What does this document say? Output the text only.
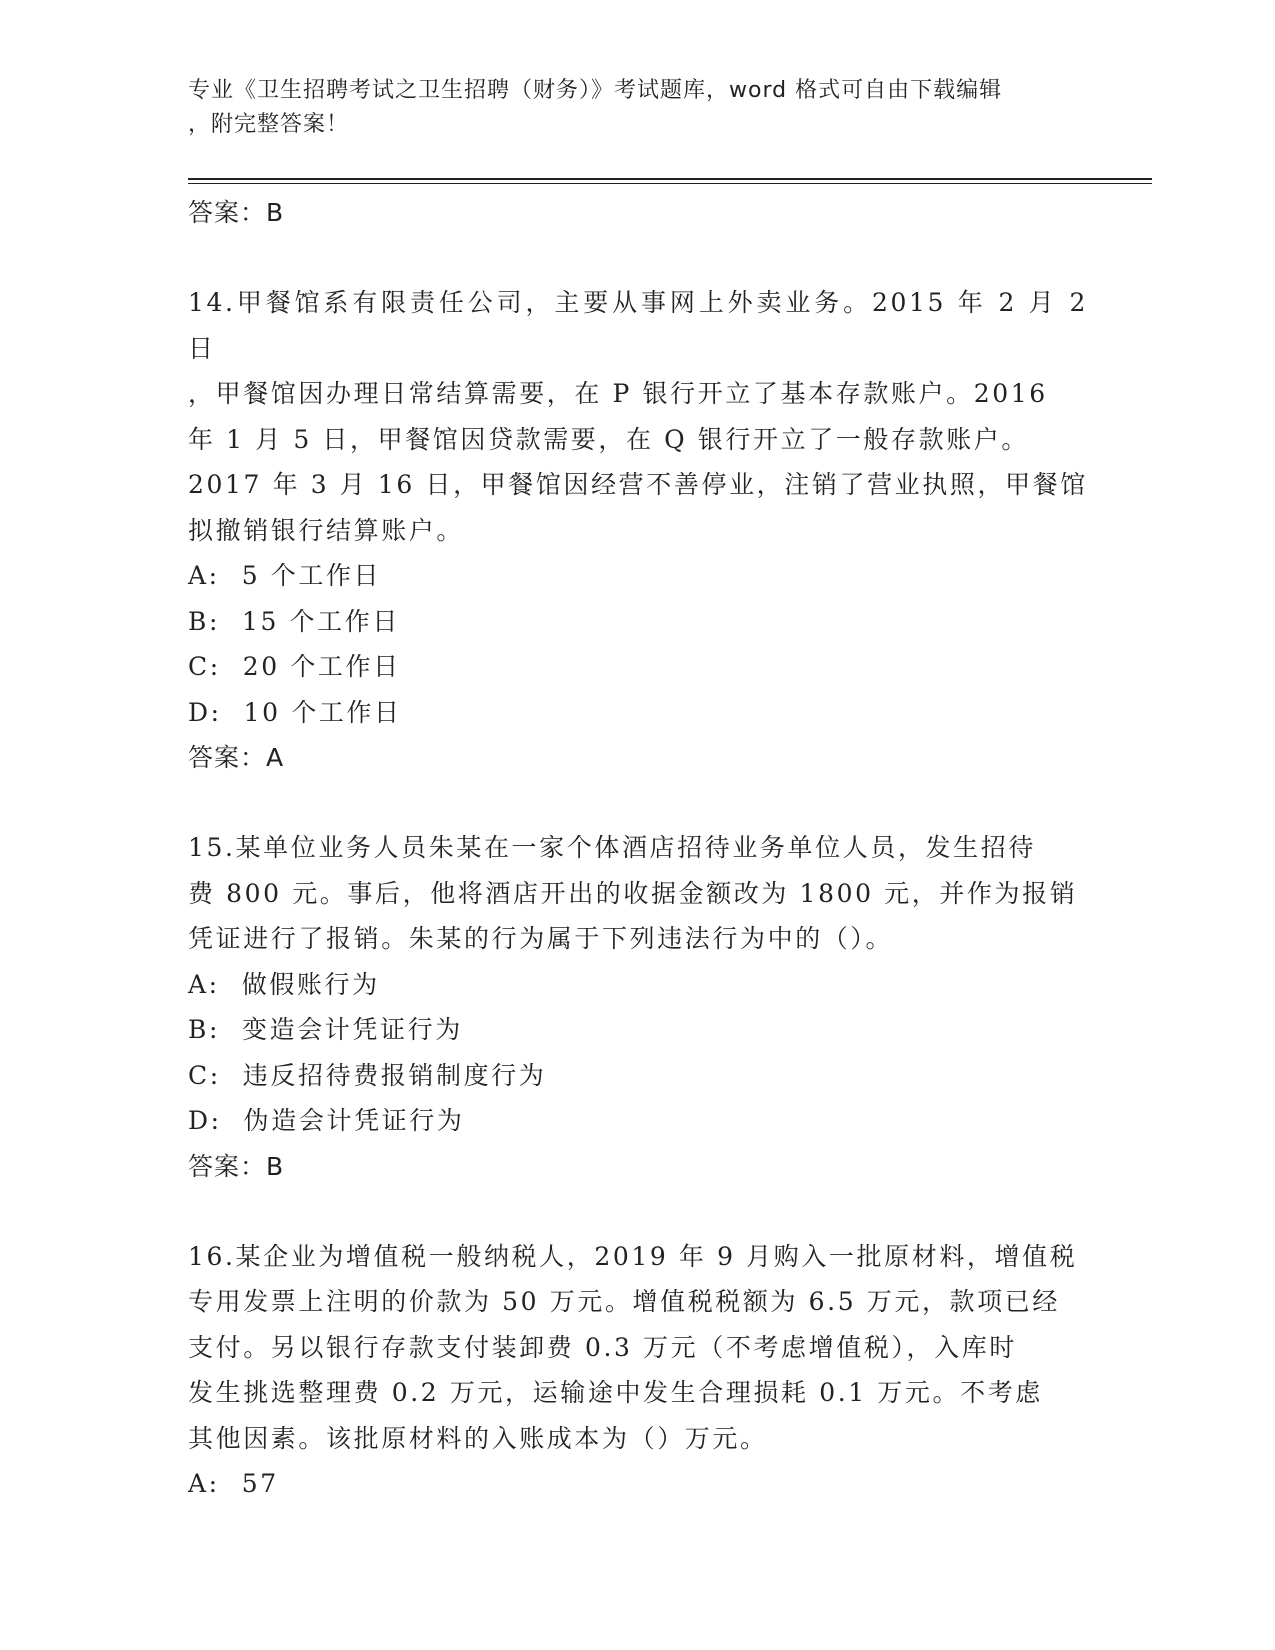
专业《卫生招聘考试之卫生招聘（财务）》考试题库，word 格式可自由下载编辑
，附完整答案！
答案：B
14.甲餐馆系有限责任公司，主要从事网上外卖业务。2015 年 2 月 2 日
，甲餐馆因办理日常结算需要，在 P 银行开立了基本存款账户。2016
年 1 月 5 日，甲餐馆因贷款需要，在 Q 银行开立了一般存款账户。
2017 年 3 月 16 日，甲餐馆因经营不善停业，注销了营业执照，甲餐馆
拟撤销银行结算账户。
A: 5 个工作日
B: 15 个工作日
C: 20 个工作日
D: 10 个工作日
答案：A
15.某单位业务人员朱某在一家个体酒店招待业务单位人员，发生招待
费 800 元。事后，他将酒店开出的收据金额改为 1800 元，并作为报销
凭证进行了报销。朱某的行为属于下列违法行为中的（）。
A: 做假账行为
B: 变造会计凭证行为
C: 违反招待费报销制度行为
D: 伪造会计凭证行为
答案：B
16.某企业为增值税一般纳税人，2019 年 9 月购入一批原材料，增值税
专用发票上注明的价款为 50 万元。增值税税额为 6.5 万元，款项已经
支付。另以银行存款支付装卸费 0.3 万元（不考虑增值税），入库时
发生挑选整理费 0.2 万元，运输途中发生合理损耗 0.1 万元。不考虑
其他因素。该批原材料的入账成本为（）万元。
A: 57
